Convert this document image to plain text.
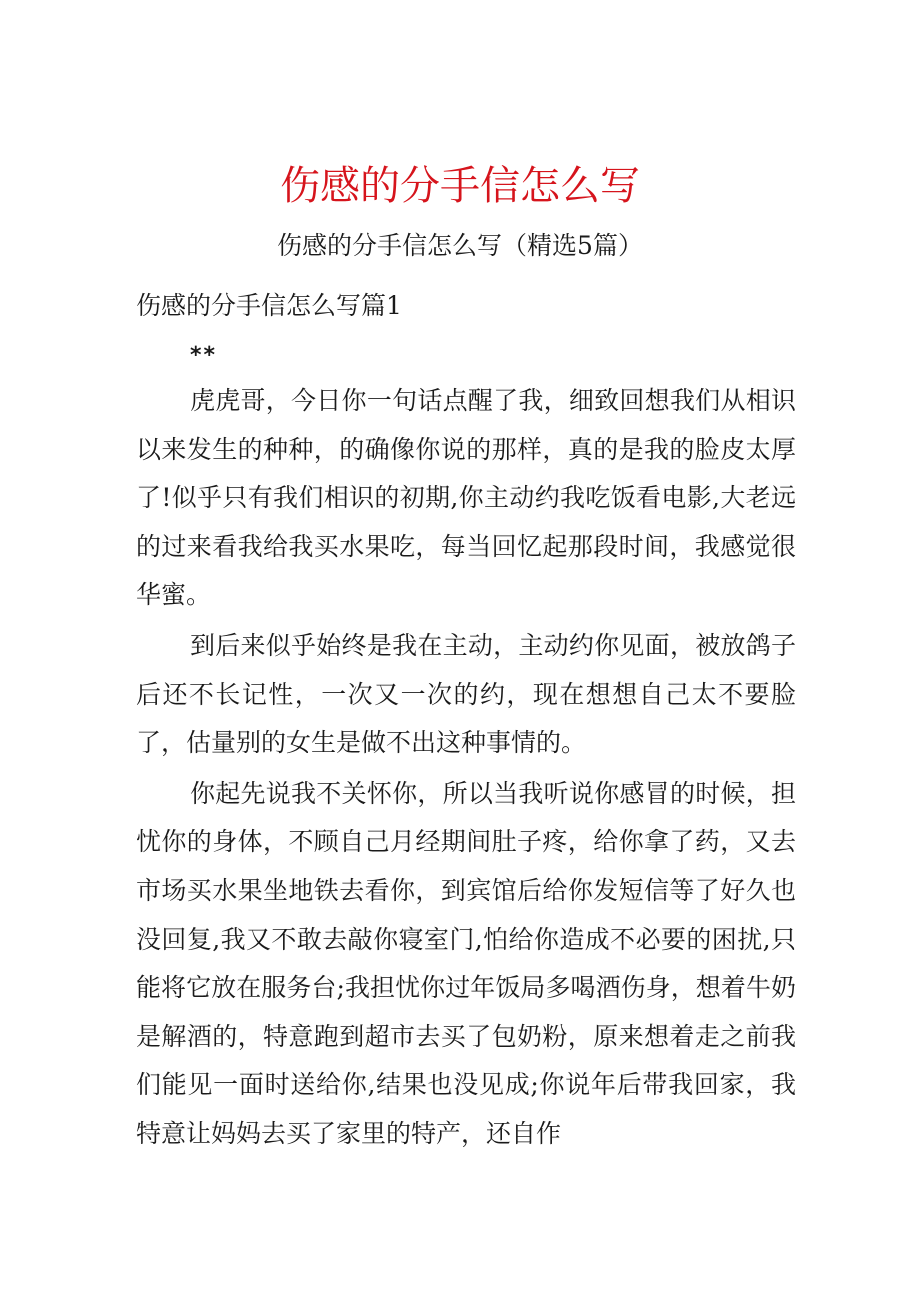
伤感的分手信怎么写

伤感的分手信怎么写（精选5篇）

伤感的分手信怎么写篇1

**

虎虎哥，今日你一句话点醒了我，细致回想我们从相识以来发生的种种，的确像你说的那样，真的是我的脸皮太厚了!似乎只有我们相识的初期,你主动约我吃饭看电影,大老远的过来看我给我买水果吃，每当回忆起那段时间，我感觉很华蜜。

到后来似乎始终是我在主动，主动约你见面，被放鸽子后还不长记性，一次又一次的约，现在想想自己太不要脸了，估量别的女生是做不出这种事情的。

你起先说我不关怀你，所以当我听说你感冒的时候，担忧你的身体，不顾自己月经期间肚子疼，给你拿了药，又去市场买水果坐地铁去看你，到宾馆后给你发短信等了好久也没回复,我又不敢去敲你寝室门,怕给你造成不必要的困扰,只能将它放在服务台;我担忧你过年饭局多喝酒伤身，想着牛奶是解酒的，特意跑到超市去买了包奶粉，原来想着走之前我们能见一面时送给你,结果也没见成;你说年后带我回家，我特意让妈妈去买了家里的特产，还自作
